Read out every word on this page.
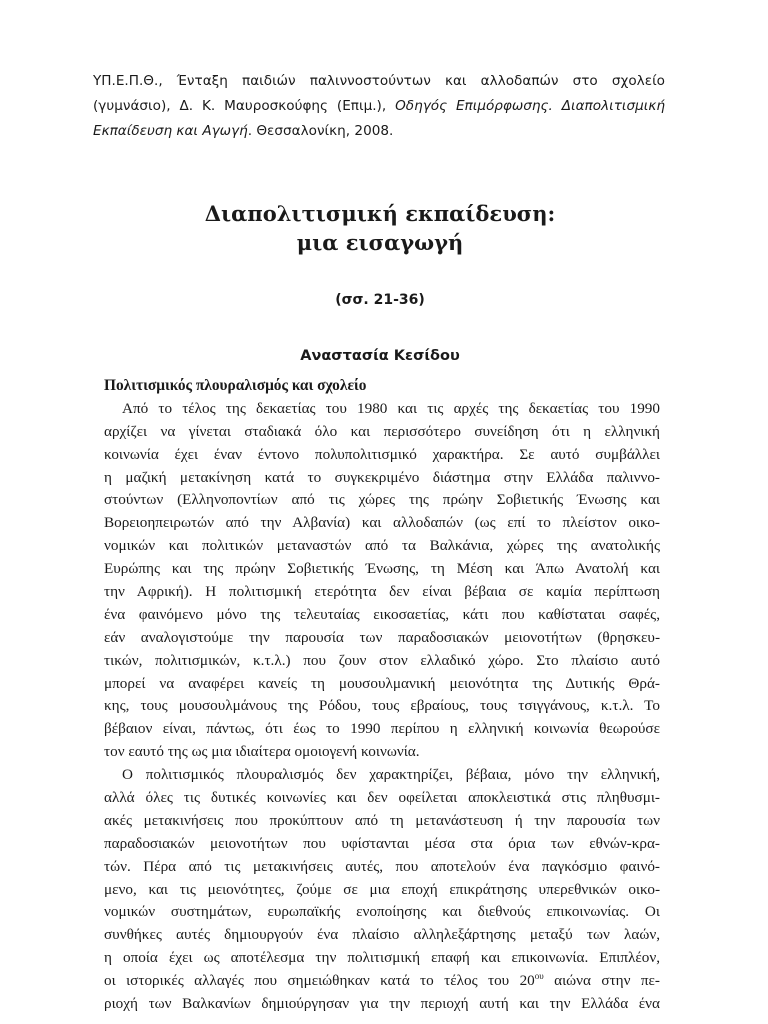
ΥΠ.Ε.Π.Θ., Ένταξη παιδιών παλιννοστούντων και αλλοδαπών στο σχολείο (γυμνάσιο), Δ. Κ. Μαυροσκούφης (Επιμ.), Οδηγός Επιμόρφωσης. Διαπολιτισμική Εκπαίδευση και Αγωγή. Θεσσαλονίκη, 2008.
Διαπολιτισμική εκπαίδευση:
μια εισαγωγή
(σσ. 21-36)
Αναστασία Κεσίδου
Πολιτισμικός πλουραλισμός και σχολείο
Από το τέλος της δεκαετίας του 1980 και τις αρχές της δεκαετίας του 1990
αρχίζει να γίνεται σταδιακά όλο και περισσότερο συνείδηση ότι η ελληνική
κοινωνία έχει έναν έντονο πολυπολιτισμικό χαρακτήρα. Σε αυτό συμβάλλει
η μαζική μετακίνηση κατά το συγκεκριμένο διάστημα στην Ελλάδα παλιννο-
στούντων (Ελληνοποντίων από τις χώρες της πρώην Σοβιετικής Ένωσης και
Βορειοηπειρωτών από την Αλβανία) και αλλοδαπών (ως επί το πλείστον οικο-
νομικών και πολιτικών μεταναστών από τα Βαλκάνια, χώρες της ανατολικής
Ευρώπης και της πρώην Σοβιετικής Ένωσης, τη Μέση και Άπω Ανατολή και
την Αφρική). Η πολιτισμική ετερότητα δεν είναι βέβαια σε καμία περίπτωση
ένα φαινόμενο μόνο της τελευταίας εικοσαετίας, κάτι που καθίσταται σαφές,
εάν αναλογιστούμε την παρουσία των παραδοσιακών μειονοτήτων (θρησκευ-
τικών, πολιτισμικών, κ.τ.λ.) που ζουν στον ελλαδικό χώρο. Στο πλαίσιο αυτό
μπορεί να αναφέρει κανείς τη μουσουλμανική μειονότητα της Δυτικής Θρά-
κης, τους μουσουλμάνους της Ρόδου, τους εβραίους, τους τσιγγάνους, κ.τ.λ. Το
βέβαιον είναι, πάντως, ότι έως το 1990 περίπου η ελληνική κοινωνία θεωρούσε
τον εαυτό της ως μια ιδιαίτερα ομοιογενή κοινωνία.
Ο πολιτισμικός πλουραλισμός δεν χαρακτηρίζει, βέβαια, μόνο την ελληνική,
αλλά όλες τις δυτικές κοινωνίες και δεν οφείλεται αποκλειστικά στις πληθυσμι-
ακές μετακινήσεις που προκύπτουν από τη μετανάστευση ή την παρουσία των
παραδοσιακών μειονοτήτων που υφίστανται μέσα στα όρια των εθνών-κρα-
τών. Πέρα από τις μετακινήσεις αυτές, που αποτελούν ένα παγκόσμιο φαινό-
μενο, και τις μειονότητες, ζούμε σε μια εποχή επικράτησης υπερεθνικών οικο-
νομικών συστημάτων, ευρωπαϊκής ενοποίησης και διεθνούς επικοινωνίας. Οι
συνθήκες αυτές δημιουργούν ένα πλαίσιο αλληλεξάρτησης μεταξύ των λαών,
η οποία έχει ως αποτέλεσμα την πολιτισμική επαφή και επικοινωνία. Επιπλέον,
οι ιστορικές αλλαγές που σημειώθηκαν κατά το τέλος του $20^{o\upsilon}$ αιώνα στην πε-
ριοχή των Βαλκανίων δημιούργησαν για την περιοχή αυτή και την Ελλάδα ένα
